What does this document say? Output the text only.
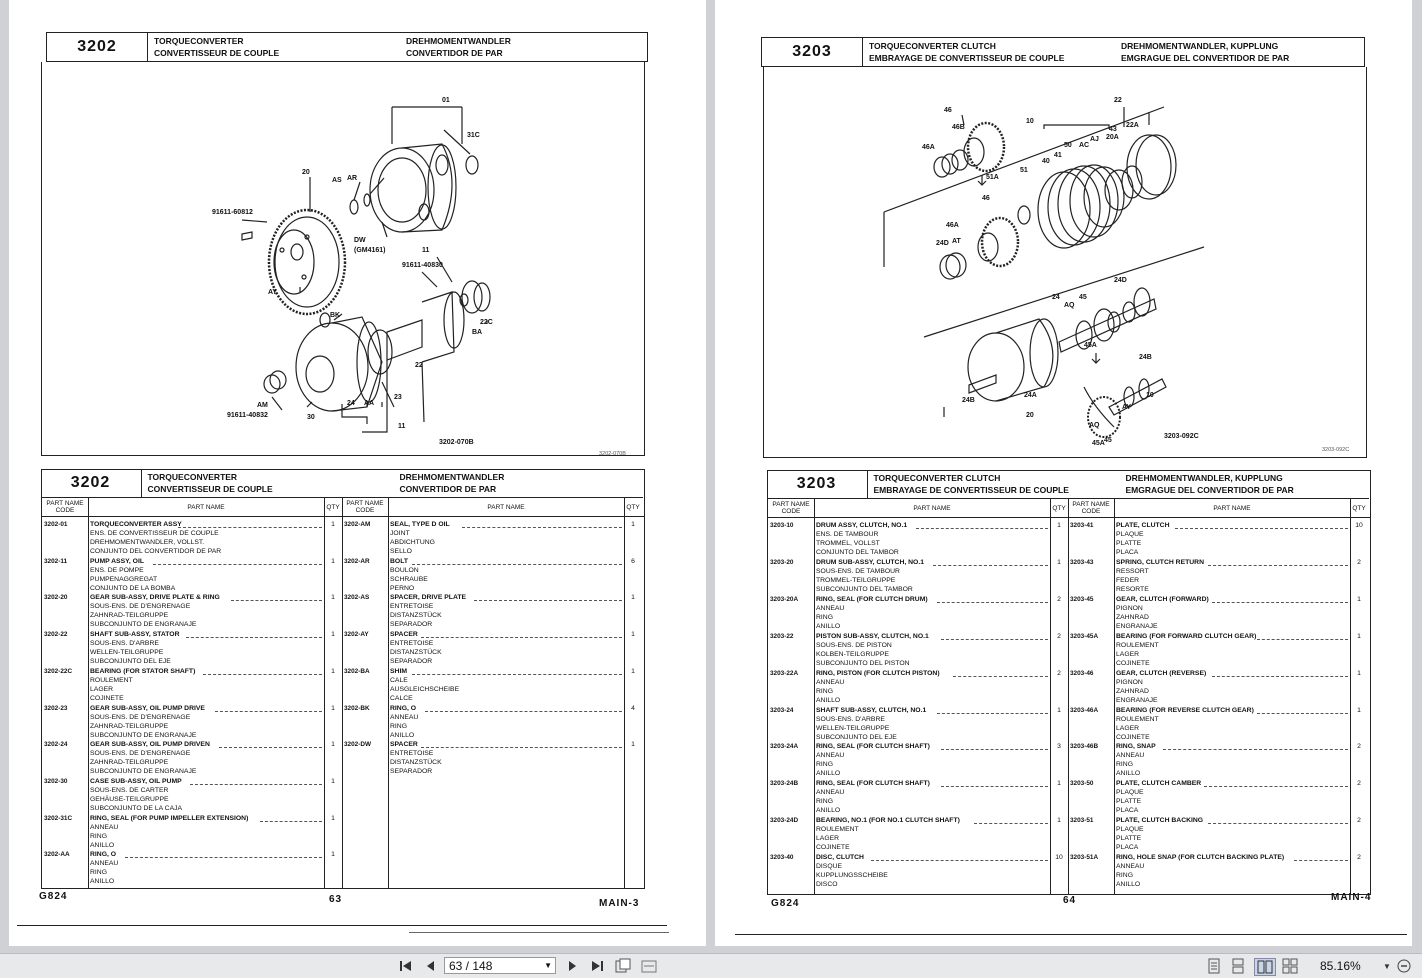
3202	TORQUECONVERTER
CONVERTISSEUR DE COUPLE
DREHMOMENTWANDLER
CONVERTIDOR DE PAR
01
31C
20
AS AR
91611-60812
DW
(GM4161)	11
91611-40830
AY
BK
22C
BA
22
AM	AA
24
23
30
11
91611-40832
3202-070B
3202-070B
3202	TORQUECONVERTER
CONVERTISSEUR DE COUPLE
DREHMOMENTWANDLER
CONVERTIDOR DE PAR
PART NAME CODE	PART NAME	QTY	PART NAME CODE	PART NAME	QTY
3202-01	TORQUECONVERTER ASSY
ENS. DE CONVERTISSEUR DE COUPLE
DREHMOMENTWANDLER, VOLLST.
CONJUNTO DEL CONVERTIDOR DE PAR
1
3202-11	PUMP ASSY, OIL
ENS. DE POMPE
PUMPENAGGREGAT
CONJUNTO DE LA BOMBA
1
3202-20	GEAR SUB-ASSY, DRIVE PLATE & RING
SOUS-ENS. DE D'ENGRENAGE
ZAHNRAD-TEILGRUPPE
SUBCONJUNTO DE ENGRANAJE
1
3202-22	SHAFT SUB-ASSY, STATOR
SOUS-ENS. D'ARBRE
WELLEN-TEILGRUPPE
SUBCONJUNTO DEL EJE
1
3202-22C	BEARING (FOR STATOR SHAFT)
ROULEMENT
LAGER
COJINETE
1
3202-23	GEAR SUB-ASSY, OIL PUMP DRIVE
SOUS-ENS. DE D'ENGRENAGE
ZAHNRAD-TEILGRUPPE
SUBCONJUNTO DE ENGRANAJE
1
3202-24	GEAR SUB-ASSY, OIL PUMP DRIVEN
SOUS-ENS. DE D'ENGRENAGE
ZAHNRAD-TEILGRUPPE
SUBCONJUNTO DE ENGRANAJE
1
3202-30	CASE SUB-ASSY, OIL PUMP
SOUS-ENS. DE CARTER
GEHÄUSE-TEILGRUPPE
SUBCONJUNTO DE LA CAJA
1
3202-31C	RING, SEAL (FOR PUMP IMPELLER EXTENSION)
ANNEAU
RING
ANILLO
1
3202-AA	RING, O
ANNEAU
RING
ANILLO
1
3202-AM	SEAL, TYPE D OIL
JOINT
ABDICHTUNG
SELLO
1
3202-AR	BOLT
BOULON
SCHRAUBE
PERNO
6
3202-AS	SPACER, DRIVE PLATE
ENTRETOISE
DISTANZSTÜCK
SEPARADOR
1
3202-AY	SPACER
ENTRETOISE
DISTANZSTÜCK
SEPARADOR
1
3202-BA	SHIM
CALE
AUSGLEICHSCHEIBE
CALCE
1
3202-BK	RING, O
ANNEAU
RING
ANILLO
4
3202-DW	SPACER
ENTRETOISE
DISTANZSTÜCK
SEPARADOR
1
G824	63	MAIN-3
3203	TORQUECONVERTER CLUTCH
EMBRAYAGE DE CONVERTISSEUR DE COUPLE
DREHMOMENTWANDLER, KUPPLUNG
EMGRAGUE DEL CONVERTIDOR DE PAR
46
46B
46A
10
22
43
22A
AJ 20A
41
50 AC
40
51
51A
46
46A
24D AT
24D
24	45
AQ
45A
24B
24B
24A
20
10
AY
AQ
45A 45
3203-092C
3203-092C
3203	TORQUECONVERTER CLUTCH
EMBRAYAGE DE CONVERTISSEUR DE COUPLE
DREHMOMENTWANDLER, KUPPLUNG
EMGRAGUE DEL CONVERTIDOR DE PAR
PART NAME CODE	PART NAME	QTY	PART NAME CODE	PART NAME	QTY
3203-10	DRUM ASSY, CLUTCH, NO.1
ENS. DE TAMBOUR
TROMMEL, VOLLST
CONJUNTO DEL TAMBOR
1
3203-20	DRUM SUB-ASSY, CLUTCH, NO.1
SOUS-ENS. DE TAMBOUR
TROMMEL-TEILGRUPPE
SUBCONJUNTO DEL TAMBOR
1
3203-20A	RING, SEAL (FOR CLUTCH DRUM)
ANNEAU
RING
ANILLO
2
3203-22	PISTON SUB-ASSY, CLUTCH, NO.1
SOUS-ENS. DE PISTON
KOLBEN-TEILGRUPPE
SUBCONJUNTO DEL PISTON
2
3203-22A	RING, PISTON (FOR CLUTCH PISTON)
ANNEAU
RING
ANILLO
2
3203-24	SHAFT SUB-ASSY, CLUTCH, NO.1
SOUS-ENS. D'ARBRE
WELLEN-TEILGRUPPE
SUBCONJUNTO DEL EJE
1
3203-24A	RING, SEAL (FOR CLUTCH SHAFT)
ANNEAU
RING
ANILLO
3
3203-24B	RING, SEAL (FOR CLUTCH SHAFT)
ANNEAU
RING
ANILLO
1
3203-24D	BEARING, NO.1 (FOR NO.1 CLUTCH SHAFT)
ROULEMENT
LAGER
COJINETE
1
3203-40	DISC, CLUTCH
DISQUE
KUPPLUNGSSCHEIBE
DISCO
10
3203-41	PLATE, CLUTCH
PLAQUE
PLATTE
PLACA
10
3203-43	SPRING, CLUTCH RETURN
RESSORT
FEDER
RESORTE
2
3203-45	GEAR, CLUTCH (FORWARD)
PIGNON
ZAHNRAD
ENGRANAJE
1
3203-45A	BEARING (FOR FORWARD CLUTCH GEAR)
ROULEMENT
LAGER
COJINETE
1
3203-46	GEAR, CLUTCH (REVERSE)
PIGNON
ZAHNRAD
ENGRANAJE
1
3203-46A	BEARING (FOR REVERSE CLUTCH GEAR)
ROULEMENT
LAGER
COJINETE
1
3203-46B	RING, SNAP
ANNEAU
RING
ANILLO
2
3203-50	PLATE, CLUTCH CAMBER
PLAQUE
PLATTE
PLACA
2
3203-51	PLATE, CLUTCH BACKING
PLAQUE
PLATTE
PLACA
2
3203-51A	RING, HOLE SNAP (FOR CLUTCH BACKING PLATE)
ANNEAU
RING
ANILLO
2
G824	64	MAIN-4
63 / 148	▼	85.16%	▼
